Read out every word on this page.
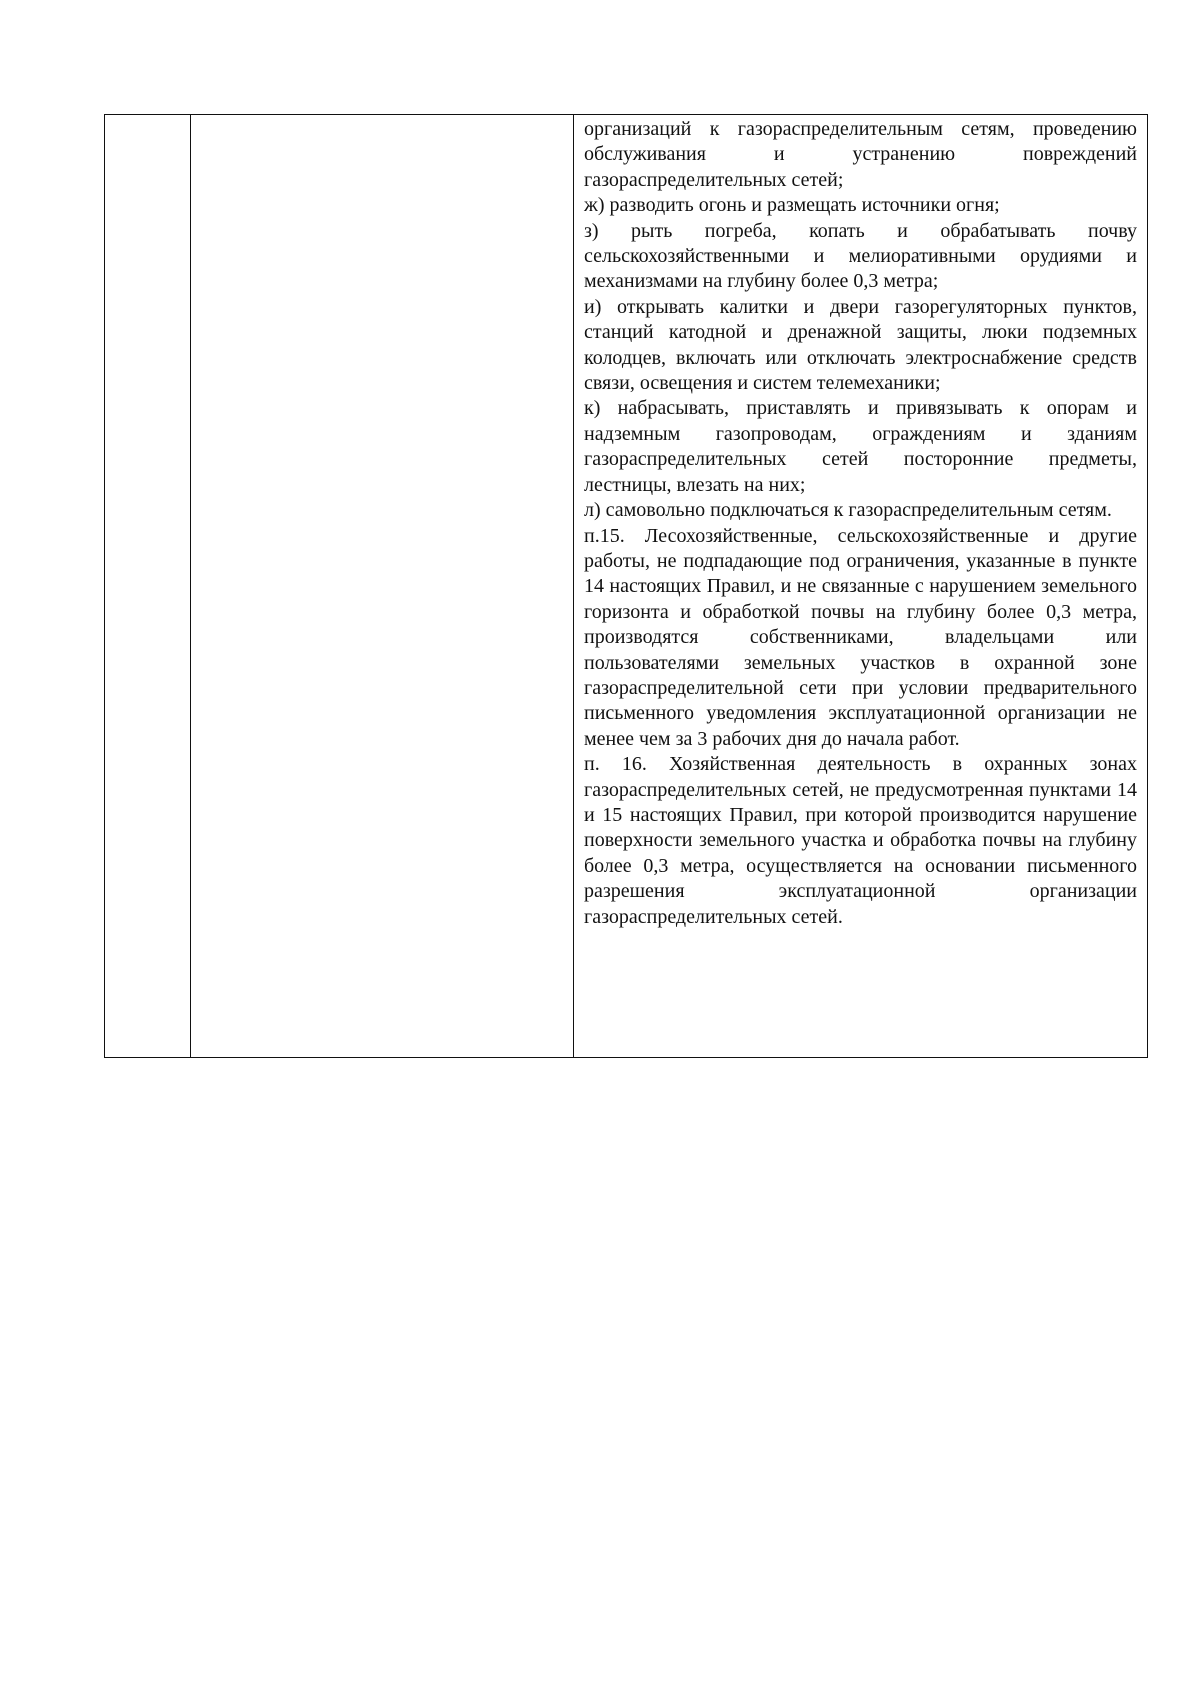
организаций к газораспределительным сетям, проведению обслуживания и устранению повреждений газораспределительных сетей;

ж) разводить огонь и размещать источники огня;

з) рыть погреба, копать и обрабатывать почву сельскохозяйственными и мелиоративными орудиями и механизмами на глубину более 0,3 метра;

и) открывать калитки и двери газорегуляторных пунктов, станций катодной и дренажной защиты, люки подземных колодцев, включать или отключать электроснабжение средств связи, освещения и систем телемеханики;

к) набрасывать, приставлять и привязывать к опорам и надземным газопроводам, ограждениям и зданиям газораспределительных сетей посторонние предметы, лестницы, влезать на них;

л) самовольно подключаться к газораспределительным сетям.

п.15. Лесохозяйственные, сельскохозяйственные и другие работы, не подпадающие под ограничения, указанные в пункте 14 настоящих Правил, и не связанные с нарушением земельного горизонта и обработкой почвы на глубину более 0,3 метра, производятся собственниками, владельцами или пользователями земельных участков в охранной зоне газораспределительной сети при условии предварительного письменного уведомления эксплуатационной организации не менее чем за 3 рабочих дня до начала работ.

п. 16. Хозяйственная деятельность в охранных зонах газораспределительных сетей, не предусмотренная пунктами 14 и 15 настоящих Правил, при которой производится нарушение поверхности земельного участка и обработка почвы на глубину более 0,3 метра, осуществляется на основании письменного разрешения эксплуатационной организации газораспределительных сетей.
